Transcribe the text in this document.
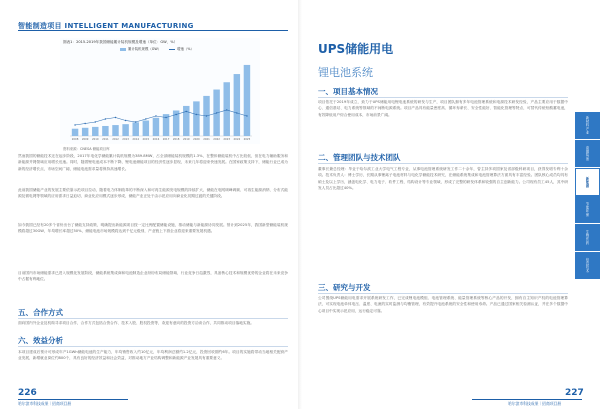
智能制造项目 INTELLIGENT MANUFACTURING
2008 2009 2010 2011 2012 2013 2014 2015 2016 2017 2018 2019 2020 2021 2022 2023 2024 2025
图表1：2015-2019年我国储能累计装机规模及增速（单位：GW、%）
累计装机规模（GW）	增速（%）
资料来源：CNESA 储能项目库
然而我国的储能技术还在起步阶段，2017年电化学储能累计装机规模为389.8MW，占全部储能装机规模的1.3%，在整体储能装机中占比较低，但在电力辅助服务和新能源并网领域应用增长迅速。同时，随着锂电池成本不断下降，锂电池储能项目的经济性逐步显现，未来几年将迎来快速发展。在国家政策支持下，储能行业已成为新的经济增长点，市场空间广阔，储能电池需求量将保持高速增长。
此前我国储能产业的发展主要依靠示范项目拉动，随着电力体制改革的不断深入和可再生能源发电规模的持续扩大，储能在电网调峰调频、可再生能源消纳、分布式能源及微电网等领域的应用需求日益迫切，商业化应用模式逐步形成，储能产业正处于由示范应用向商业化初期过渡的关键阶段。
如今我国已经有20多个省份出台了储能支持政策，明确提出新能源项目按一定比例配置储能设施，推动储能与新能源协同发展。预计到2025年，我国新型储能装机规模将超过30GW，年均增长率超过50%，储能电池市场规模将达到千亿元级别，产业链上下游企业将迎来重要发展机遇。
目前国内市场储能需求已进入规模化发展阶段，储能系统集成商和电池制造企业纷纷布局储能领域，行业竞争日趋激烈，具备核心技术和规模优势的企业将在未来竞争中占据有利地位。
五、合作方式
面向国内外企业及机构寻求项目合作，合作方式包括合资合作、技术入股、股权投资等，欢迎有意向的投资方洽谈合作，共同推动项目落地实施。
六、效益分析
本项目建成后预计可形成年产1GWh储能电池的生产能力，年均销售收入约10亿元，年均利润总额约1.2亿元，投资回收期约6年。项目的实施将带动当地相关配套产业发展，新增就业岗位约800个，具有良好的经济效益和社会效益，对推动地方产业结构调整和新能源产业发展具有重要意义。
226
哈尔滨市科技成果｜招商项目册
UPS储能用电
锂电池系统
一、项目基本情况
项目依托于2019年成立，致力于UPS储能用电锂电池系统的研发与生产，项目团队拥有多年电池管理系统和电源技术研发经验，产品主要应用于数据中心、通信基站、电力系统等领域的不间断电源系统。项目产品具有能量密度高、循环寿命长、安全性能好、智能化管理等特点，可替代传统铅酸蓄电池，有效降低用户综合使用成本，市场前景广阔。
二、管理团队与技术团队
董事长兼总经理：毕业于哈尔滨工业大学电气工程专业，从事电池管理系统研发工作二十余年，曾主持多项国家及省部级科研项目，获得发明专利十余项。技术负责人：博士学历，长期从事锂离子电池材料与电化学储能技术研究，在储能系统集成和电池管理算法方面具有丰富经验。团队核心成员均具有硕士及以上学历，涵盖电化学、电力电子、软件工程、结构设计等专业领域，形成了完整的研发体系和较强的自主创新能力。公司现有员工45人，其中研发人员占比超过40%。
三、研究与开发
公司围绕UPS储能用电需求开展系统研发工作，已完成锂电池模组、电池管理系统、能量管理系统等核心产品的开发，拥有自主知识产权的电池管理算法，可实现电池单体电压、温度、电流的实时监测与均衡管理，有效提升电池系统的安全性和使用寿命。产品已通过国家相关检测认证，并在多个数据中心项目中实现示范应用，运行稳定可靠。
新材料产业
高端装备
新能源
节能环保
生物医药
信息技术
227
哈尔滨市科技成果｜招商项目册
